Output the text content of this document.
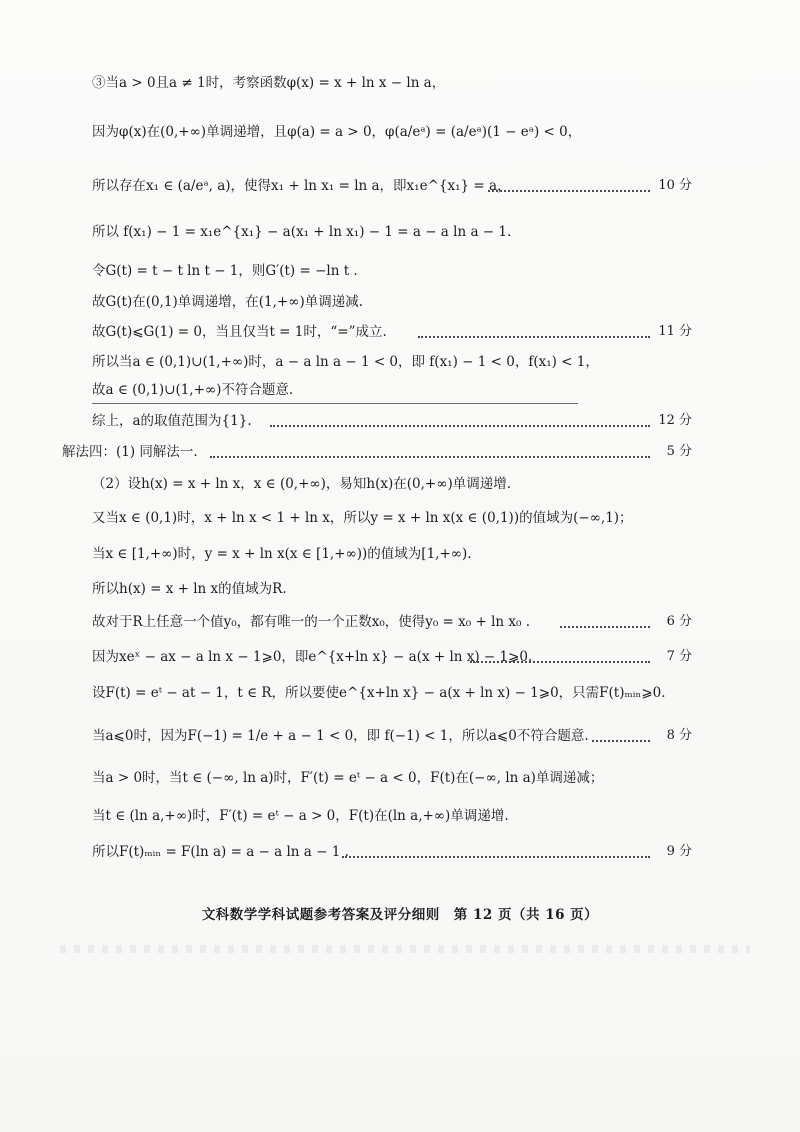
③当a > 0且a ≠ 1时，考察函数φ(x) = x + ln x − ln a，
因为φ(x)在(0,+∞)单调递增，且φ(a) = a > 0，φ(a/eᵃ) = (a/eᵃ)(1 − eᵃ) < 0，
所以存在x₁ ∈ (a/eᵃ, a)，使得x₁ + ln x₁ = ln a，即x₁e^{x₁} = a，	10 分
所以 f(x₁) − 1 = x₁e^{x₁} − a(x₁ + ln x₁) − 1 = a − a ln a − 1.
令G(t) = t − t ln t − 1，则G′(t) = −ln t .
故G(t)在(0,1)单调递增，在(1,+∞)单调递减.
故G(t)⩽G(1) = 0，当且仅当t = 1时，“=”成立.	11 分
所以当a ∈ (0,1)∪(1,+∞)时，a − a ln a − 1 < 0，即 f(x₁) − 1 < 0，f(x₁) < 1，
故a ∈ (0,1)∪(1,+∞)不符合题意.
综上，a的取值范围为{1}.	12 分
解法四：(1) 同解法一.	5 分
（2）设h(x) = x + ln x，x ∈ (0,+∞)，易知h(x)在(0,+∞)单调递增.
又当x ∈ (0,1)时，x + ln x < 1 + ln x，所以y = x + ln x(x ∈ (0,1))的值域为(−∞,1)；
当x ∈ [1,+∞)时，y = x + ln x(x ∈ [1,+∞))的值域为[1,+∞).
所以h(x) = x + ln x的值域为R.
故对于R上任意一个值y₀，都有唯一的一个正数x₀，使得y₀ = x₀ + ln x₀ .	6 分
因为xeˣ − ax − a ln x − 1⩾0，即e^{x+ln x} − a(x + ln x) − 1⩾0.	7 分
设F(t) = eᵗ − at − 1，t ∈ R，所以要使e^{x+ln x} − a(x + ln x) − 1⩾0，只需F(t)ₘᵢₙ⩾0.
当a⩽0时，因为F(−1) = 1/e + a − 1 < 0，即 f(−1) < 1，所以a⩽0不符合题意.	8 分
当a > 0时，当t ∈ (−∞, ln a)时，F′(t) = eᵗ − a < 0，F(t)在(−∞, ln a)单调递减；
当t ∈ (ln a,+∞)时，F′(t) = eᵗ − a > 0，F(t)在(ln a,+∞)单调递增.
所以F(t)ₘᵢₙ = F(ln a) = a − a ln a − 1 .	9 分
文科数学学科试题参考答案及评分细则　第 12 页（共 16 页）
